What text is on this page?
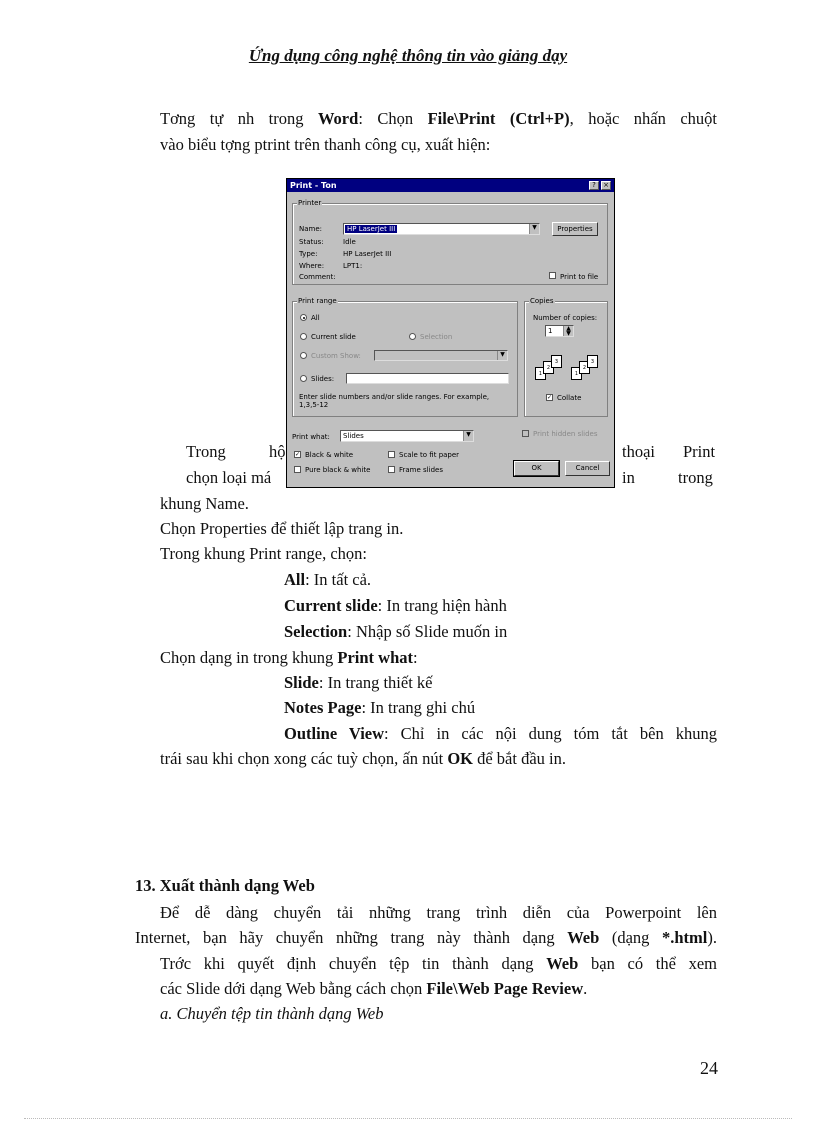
Ứng dụng công nghệ thông tin vào giảng dạy
Tơng tự nh trong Word: Chọn File\Print (Ctrl+P), hoặc nhấn chuột
vào biểu tợng ptrint trên thanh công cụ, xuất hiện:
Print - Ton	?	×
Printer
Name:	HP LaserJet III	▼	Properties
Status:	Idle
Type:	HP LaserJet III
Where:	LPT1:
Comment:	Print to file
Print range
All
Current slide	Selection
Custom Show:	▼
Slides:
Enter slide numbers and/or slide ranges. For example, 1,3,5-12
Copies
Number of copies:
1	▲
▼
1
2
3
1
2
3
✓ Collate
Print what: Slides	▼	Print hidden slides
✓ Black & white	Scale to fit paper
Pure black & white	Frame slides	OK	Cancel
Trong	hộ	thoại Print
chọn loại má	in	trong
khung Name.
Chọn Properties để thiết lập trang in.
Trong khung Print range, chọn:
All: In tất cả.
Current slide: In trang hiện hành
Selection: Nhập số Slide muốn in
Chọn dạng in trong khung Print what:
Slide: In trang thiết kế
Notes Page: In trang ghi chú
Outline View: Chỉ in các nội dung tóm tắt bên khung
trái sau khi chọn xong các tuỳ chọn, ấn nút OK để bắt đầu in.
13. Xuất thành dạng Web
Để dễ dàng chuyển tải những trang trình diễn của Powerpoint lên
Internet, bạn hãy chuyển những trang này thành dạng Web (dạng *.html).
Trớc khi quyết định chuyển tệp tin thành dạng Web bạn có thể xem
các Slide dới dạng Web bằng cách chọn File\Web Page Review.
a. Chuyển tệp tin thành dạng Web
24
